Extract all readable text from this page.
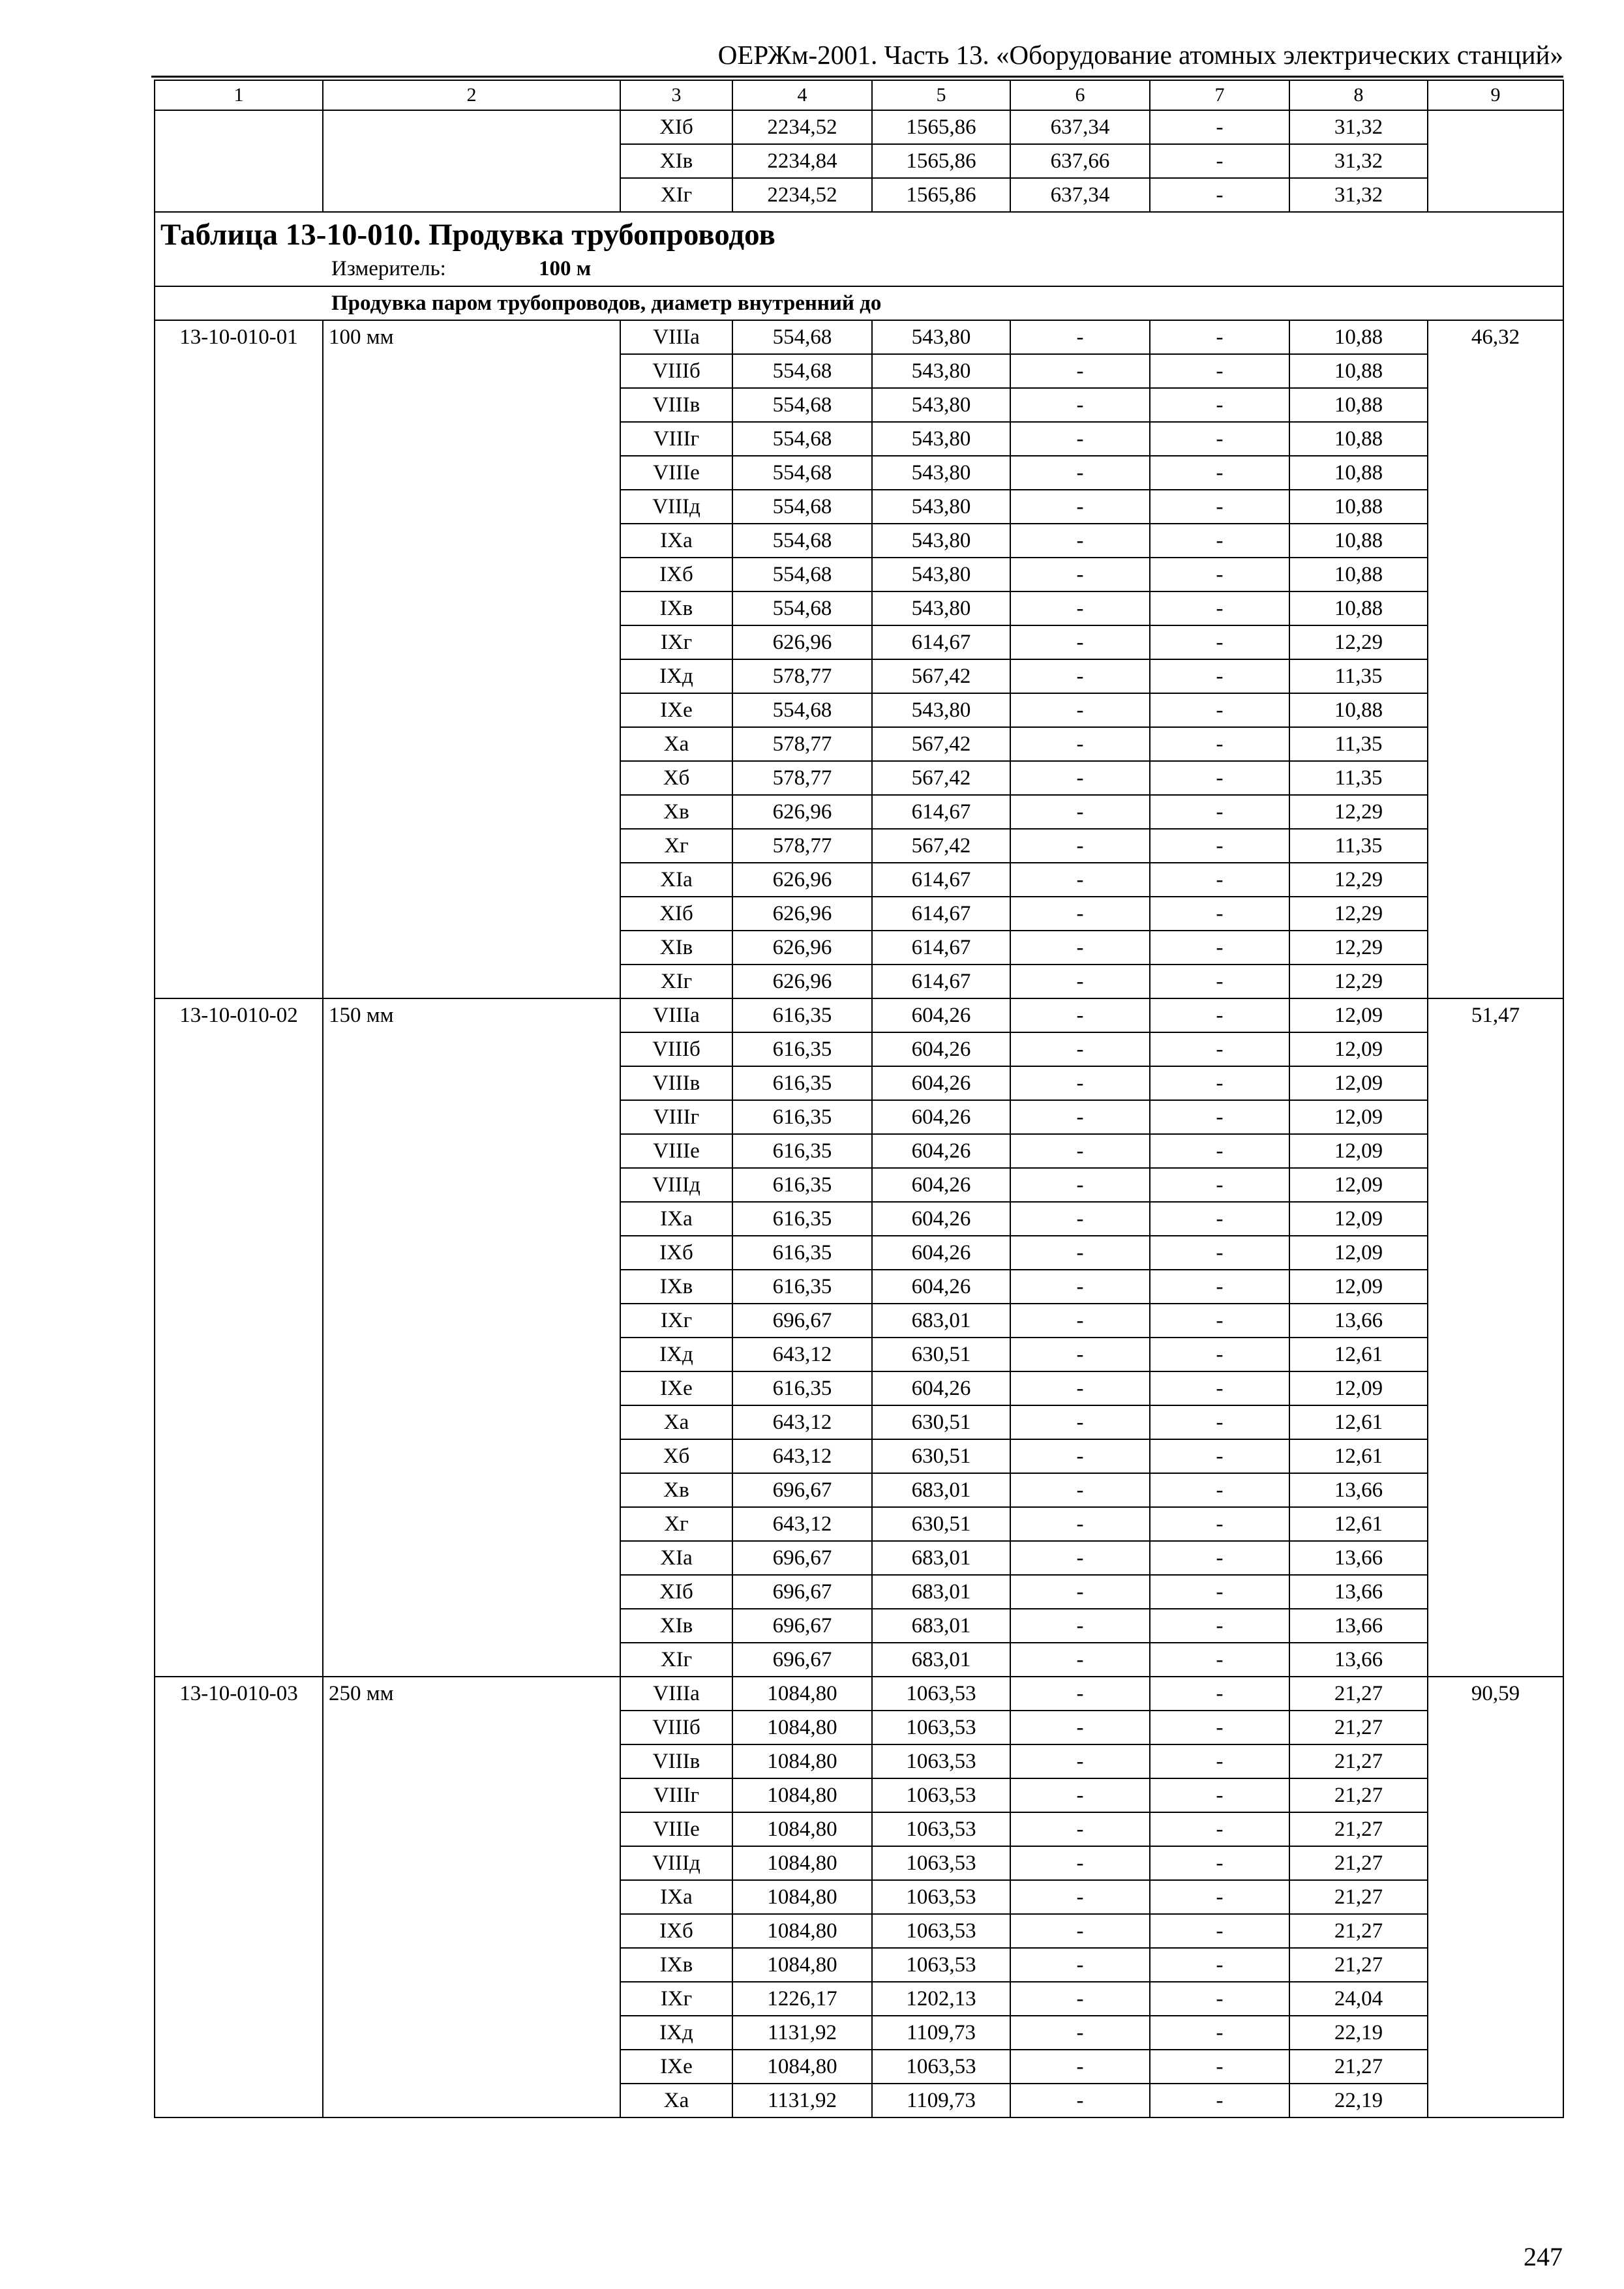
ОЕРЖм-2001. Часть 13. «Оборудование атомных электрических станций»
1	2	3	4	5	6	7	8	9
		XIб	2234,52	1565,86	637,34	-	31,32	
		XIв	2234,84	1565,86	637,66	-	31,32	
		XIг	2234,52	1565,86	637,34	-	31,32	

Таблица 13-10-010. Продувка трубопроводов
Измеритель: 100 м								

Продувка паром трубопроводов, диаметр внутренний до								
13-10-010-01	100 мм	VIIIа	554,68	543,80	-	-	10,88	46,32
		VIIIб	554,68	543,80	-	-	10,88	
		VIIIв	554,68	543,80	-	-	10,88	
		VIIIг	554,68	543,80	-	-	10,88	
		VIIIе	554,68	543,80	-	-	10,88	
		VIIIд	554,68	543,80	-	-	10,88	
		IXа	554,68	543,80	-	-	10,88	
		IXб	554,68	543,80	-	-	10,88	
		IXв	554,68	543,80	-	-	10,88	
		IXг	626,96	614,67	-	-	12,29	
		IXд	578,77	567,42	-	-	11,35	
		IXе	554,68	543,80	-	-	10,88	
		Xа	578,77	567,42	-	-	11,35	
		Xб	578,77	567,42	-	-	11,35	
		Xв	626,96	614,67	-	-	12,29	
		Xг	578,77	567,42	-	-	11,35	
		XIа	626,96	614,67	-	-	12,29	
		XIб	626,96	614,67	-	-	12,29	
		XIв	626,96	614,67	-	-	12,29	
		XIг	626,96	614,67	-	-	12,29	
13-10-010-02	150 мм	VIIIа	616,35	604,26	-	-	12,09	51,47
		VIIIб	616,35	604,26	-	-	12,09	
		VIIIв	616,35	604,26	-	-	12,09	
		VIIIг	616,35	604,26	-	-	12,09	
		VIIIе	616,35	604,26	-	-	12,09	
		VIIIд	616,35	604,26	-	-	12,09	
		IXа	616,35	604,26	-	-	12,09	
		IXб	616,35	604,26	-	-	12,09	
		IXв	616,35	604,26	-	-	12,09	
		IXг	696,67	683,01	-	-	13,66	
		IXд	643,12	630,51	-	-	12,61	
		IXе	616,35	604,26	-	-	12,09	
		Xа	643,12	630,51	-	-	12,61	
		Xб	643,12	630,51	-	-	12,61	
		Xв	696,67	683,01	-	-	13,66	
		Xг	643,12	630,51	-	-	12,61	
		XIа	696,67	683,01	-	-	13,66	
		XIб	696,67	683,01	-	-	13,66	
		XIв	696,67	683,01	-	-	13,66	
		XIг	696,67	683,01	-	-	13,66	
13-10-010-03	250 мм	VIIIа	1084,80	1063,53	-	-	21,27	90,59
		VIIIб	1084,80	1063,53	-	-	21,27	
		VIIIв	1084,80	1063,53	-	-	21,27	
		VIIIг	1084,80	1063,53	-	-	21,27	
		VIIIе	1084,80	1063,53	-	-	21,27	
		VIIIд	1084,80	1063,53	-	-	21,27	
		IXа	1084,80	1063,53	-	-	21,27	
		IXб	1084,80	1063,53	-	-	21,27	
		IXв	1084,80	1063,53	-	-	21,27	
		IXг	1226,17	1202,13	-	-	24,04	
		IXд	1131,92	1109,73	-	-	22,19	
		IXе	1084,80	1063,53	-	-	21,27	
		Xа	1131,92	1109,73	-	-	22,19	
247
